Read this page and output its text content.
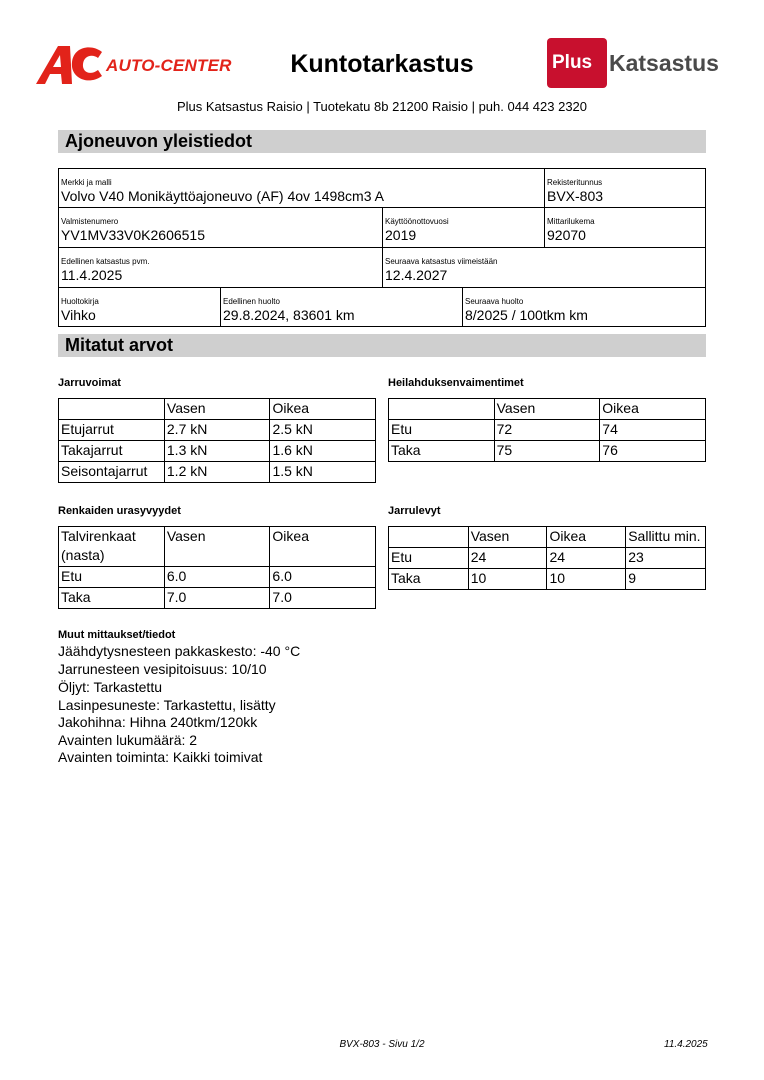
AUTO-CENTER	Kuntotarkastus	Plus Katsastus
Plus Katsastus Raisio | Tuotekatu 8b 21200 Raisio | puh. 044 423 2320
Ajoneuvon yleistiedot
Merkki ja malli
Volvo V40 Monikäyttöajoneuvo (AF) 4ov 1498cm3 A
Rekisteritunnus
BVX-803
Valmistenumero
YV1MV33V0K2606515
Käyttöönottovuosi
2019
Mittarilukema
92070
Edellinen katsastus pvm.
11.4.2025
Seuraava katsastus viimeistään
12.4.2027
Huoltokirja
Vihko
Edellinen huolto
29.8.2024, 83601 km
Seuraava huolto
8/2025 / 100tkm km
Mitatut arvot
Jarruvoimat
	Vasen	Oikea
Etujarrut	2.7 kN	2.5 kN
Takajarrut	1.3 kN	1.6 kN
Seisontajarrut	1.2 kN	1.5 kN
Heilahduksenvaimentimet
	Vasen	Oikea
Etu	72	74
Taka	75	76
Renkaiden urasyvyydet
Talvirenkaat (nasta)	Vasen	Oikea
Etu	6.0	6.0
Taka	7.0	7.0
Jarrulevyt
	Vasen	Oikea	Sallittu min.
Etu	24	24	23
Taka	10	10	9
Muut mittaukset/tiedot
Jäähdytysnesteen pakkaskesto: -40 °C
Jarrunesteen vesipitoisuus: 10/10
Öljyt: Tarkastettu
Lasinpesuneste: Tarkastettu, lisätty
Jakohihna: Hihna 240tkm/120kk
Avainten lukumäärä: 2
Avainten toiminta: Kaikki toimivat
BVX-803 - Sivu 1/2	11.4.2025
